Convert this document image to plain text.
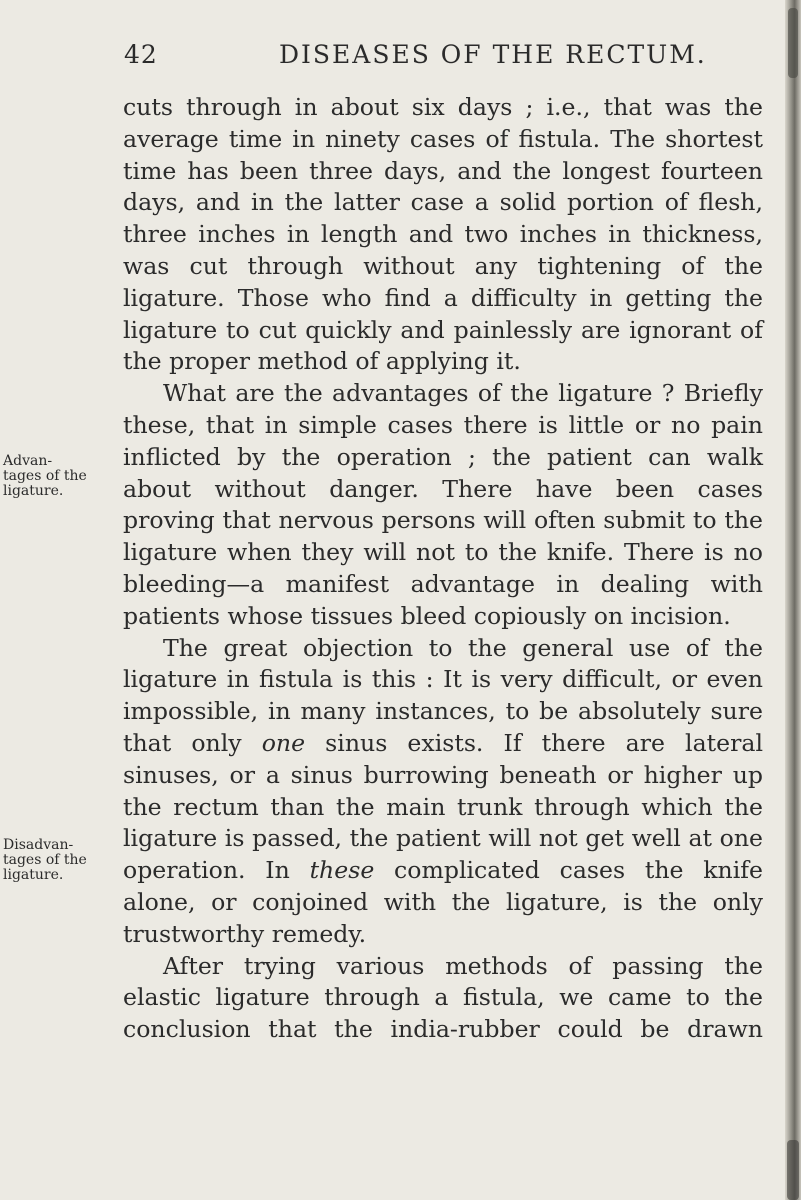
42	DISEASES OF THE RECTUM.
Advan-
tages of the
ligature.
Disadvan-
tages of the
ligature.

cuts through in about six days ; i.e., that was the average time in ninety cases of fistula. The shortest time has been three days, and the longest fourteen days, and in the latter case a solid portion of flesh, three inches in length and two inches in thickness, was cut through without any tightening of the ligature. Those who find a difficulty in getting the ligature to cut quickly and painlessly are ignorant of the proper method of applying it.

What are the advantages of the ligature ? Briefly these, that in simple cases there is little or no pain inflicted by the operation ; the patient can walk about without danger. There have been cases proving that nervous persons will often submit to the ligature when they will not to the knife. There is no bleeding—a manifest advantage in dealing with patients whose tissues bleed copiously on incision.

The great objection to the general use of the ligature in fistula is this : It is very difficult, or even impossible, in many instances, to be absolutely sure that only one sinus exists. If there are lateral sinuses, or a sinus burrowing beneath or higher up the rectum than the main trunk through which the ligature is passed, the patient will not get well at one operation. In these complicated cases the knife alone, or conjoined with the ligature, is the only trustworthy remedy.

After trying various methods of passing the elastic ligature through a fistula, we came to the conclusion that the india-rubber could be drawn
